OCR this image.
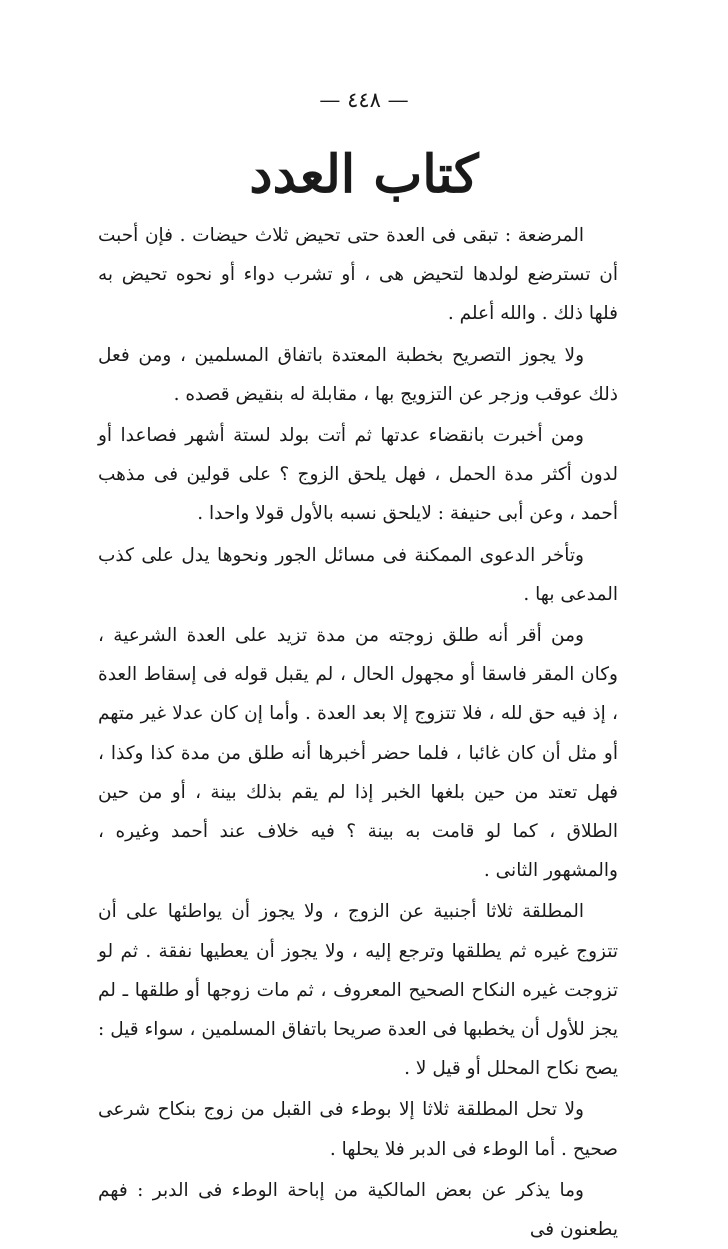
— ٤٤٨ —
كتاب العدد

المرضعة : تبقى فى العدة حتى تحيض ثلاث حيضات . فإن أحبت أن تسترضع لولدها لتحيض هى ، أو تشرب دواء أو نحوه تحيض به فلها ذلك . والله أعلم .

ولا يجوز التصريح بخطبة المعتدة باتفاق المسلمين ، ومن فعل ذلك عوقب وزجر عن التزويج بها ، مقابلة له بنقيض قصده .

ومن أخبرت بانقضاء عدتها ثم أتت بولد لستة أشهر فصاعدا أو لدون أكثر مدة الحمل ، فهل يلحق الزوج ؟ على قولين فى مذهب أحمد ، وعن أبى حنيفة : لايلحق نسبه بالأول قولا واحدا .

وتأخر الدعوى الممكنة فى مسائل الجور ونحوها يدل على كذب المدعى بها .

ومن أقر أنه طلق زوجته من مدة تزيد على العدة الشرعية ، وكان المقر فاسقا أو مجهول الحال ، لم يقبل قوله فى إسقاط العدة ، إذ فيه حق لله ، فلا تتزوج إلا بعد العدة . وأما إن كان عدلا غير متهم أو مثل أن كان غائبا ، فلما حضر أخبرها أنه طلق من مدة كذا وكذا ، فهل تعتد من حين بلغها الخبر إذا لم يقم بذلك بينة ، أو من حين الطلاق ، كما لو قامت به بينة ؟ فيه خلاف عند أحمد وغيره ، والمشهور الثانى .

المطلقة ثلاثا أجنبية عن الزوج ، ولا يجوز أن يواطئها على أن تتزوج غيره ثم يطلقها وترجع إليه ، ولا يجوز أن يعطيها نفقة . ثم لو تزوجت غيره النكاح الصحيح المعروف ، ثم مات زوجها أو طلقها ـ لم يجز للأول أن يخطبها فى العدة صريحا باتفاق المسلمين ، سواء قيل : يصح نكاح المحلل أو قيل لا .

ولا تحل المطلقة ثلاثا إلا بوطء فى القبل من زوج بنكاح شرعى صحيح . أما الوطء فى الدبر فلا يحلها .

وما يذكر عن بعض المالكية من إباحة الوطء فى الدبر : فهم يطعنون فى
